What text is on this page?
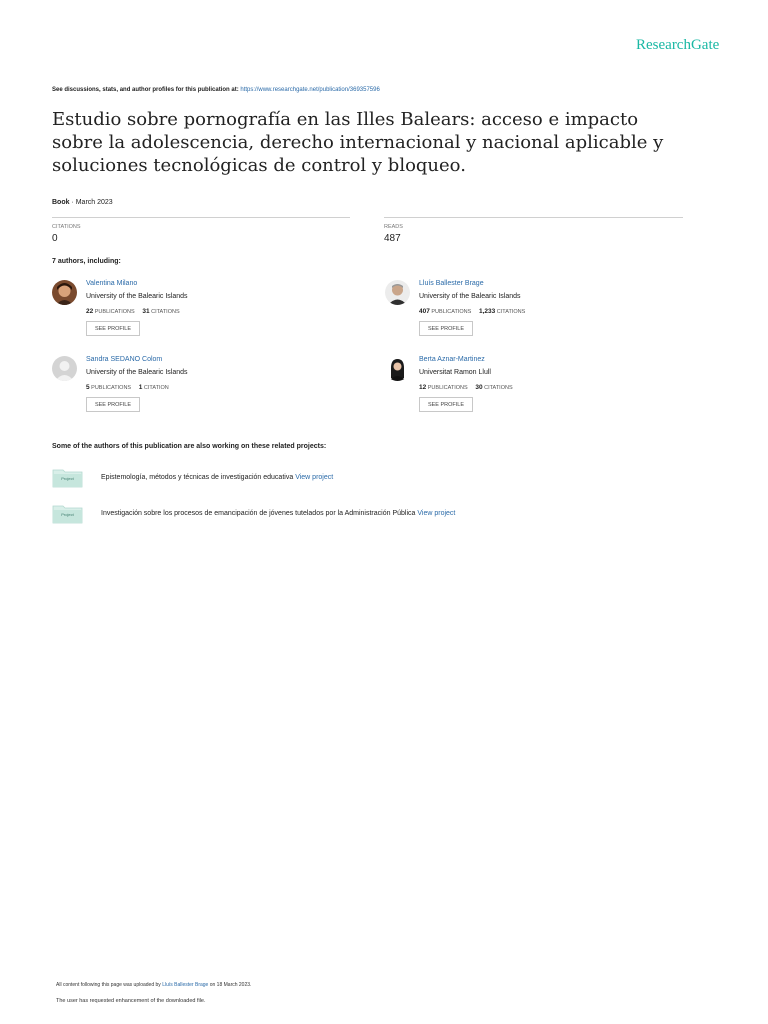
ResearchGate
See discussions, stats, and author profiles for this publication at: https://www.researchgate.net/publication/369357596
Estudio sobre pornografía en las Illes Balears: acceso e impacto sobre la adolescencia, derecho internacional y nacional aplicable y soluciones tecnológicas de control y bloqueo.
Book · March 2023
CITATIONS
0
READS
487
7 authors, including:
Valentina Milano
University of the Balearic Islands
22 PUBLICATIONS 31 CITATIONS
SEE PROFILE
Lluís Ballester Brage
University of the Balearic Islands
407 PUBLICATIONS 1,233 CITATIONS
SEE PROFILE
Sandra SEDANO Colom
University of the Balearic Islands
5 PUBLICATIONS 1 CITATION
SEE PROFILE
Berta Aznar-Martinez
Universitat Ramon Llull
12 PUBLICATIONS 30 CITATIONS
SEE PROFILE
Some of the authors of this publication are also working on these related projects:
Project	Epistemología, métodos y técnicas de investigación educativa View project
Project	Investigación sobre los procesos de emancipación de jóvenes tutelados por la Administración Pública View project
All content following this page was uploaded by Lluís Ballester Brage on 18 March 2023.
The user has requested enhancement of the downloaded file.
